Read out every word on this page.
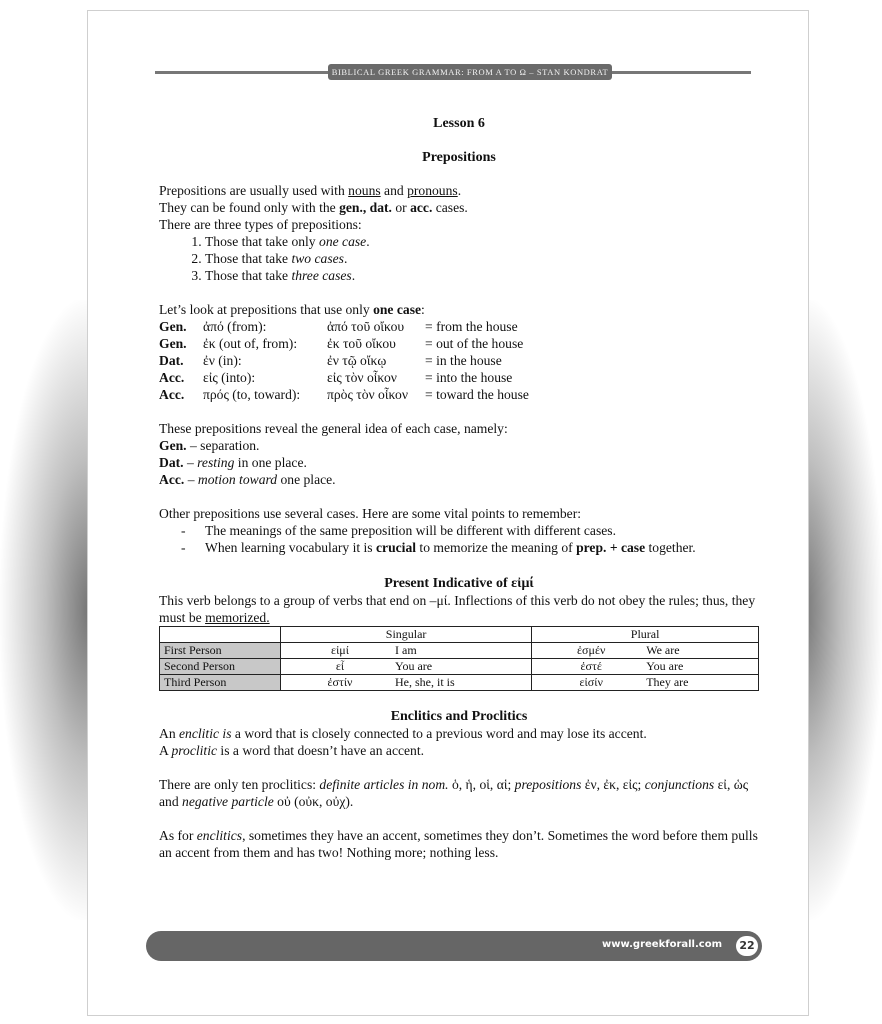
BIBLICAL GREEK GRAMMAR: FROM A TO Ω – STAN KONDRAT

Lesson 6

Prepositions

Prepositions are usually used with nouns and pronouns.

They can be found only with the gen., dat. or acc. cases.

There are three types of prepositions:

1. Those that take only one case.
2. Those that take two cases.
3. Those that take three cases.

Let’s look at prepositions that use only one case:

Gen.	ἀπό (from):	ἀπό τοῦ οἴκου	= from the house
Gen.	ἐκ (out of, from):	ἐκ τοῦ οἴκου	= out of the house
Dat.	ἐν (in):	ἐν τῷ οἴκῳ	= in the house
Acc.	εἰς (into):	εἰς τὸν οἶκον	= into the house
Acc.	πρός (to, toward):	πρὸς τὸν οἶκον	= toward the house

These prepositions reveal the general idea of each case, namely:

Gen. – separation.

Dat. – resting in one place.

Acc. – motion toward one place.

Other prepositions use several cases. Here are some vital points to remember:

- The meanings of the same preposition will be different with different cases.
- When learning vocabulary it is crucial to memorize the meaning of prep. + case together.

Present Indicative of εἰμί

This verb belongs to a group of verbs that end on –μί. Inflections of this verb do not obey the rules; thus, they must be memorized.

	Singular	Plural
First Person	εἰμί I am	ἐσμέν We are

Second Person	εἶ You are	ἐστέ You are

Third Person	ἐστίν He, she, it is	εἰσίν They are

Enclitics and Proclitics

An enclitic is a word that is closely connected to a previous word and may lose its accent.

A proclitic is a word that doesn’t have an accent.

There are only ten proclitics: definite articles in nom. ὁ, ἡ, οἱ, αἱ; prepositions ἐν, ἐκ, εἰς; conjunctions εἰ, ὡς and negative particle οὐ (οὐκ, οὐχ).

As for enclitics, sometimes they have an accent, sometimes they don’t. Sometimes the word before them pulls an accent from them and has two! Nothing more; nothing less.

www.greekforall.com	22
